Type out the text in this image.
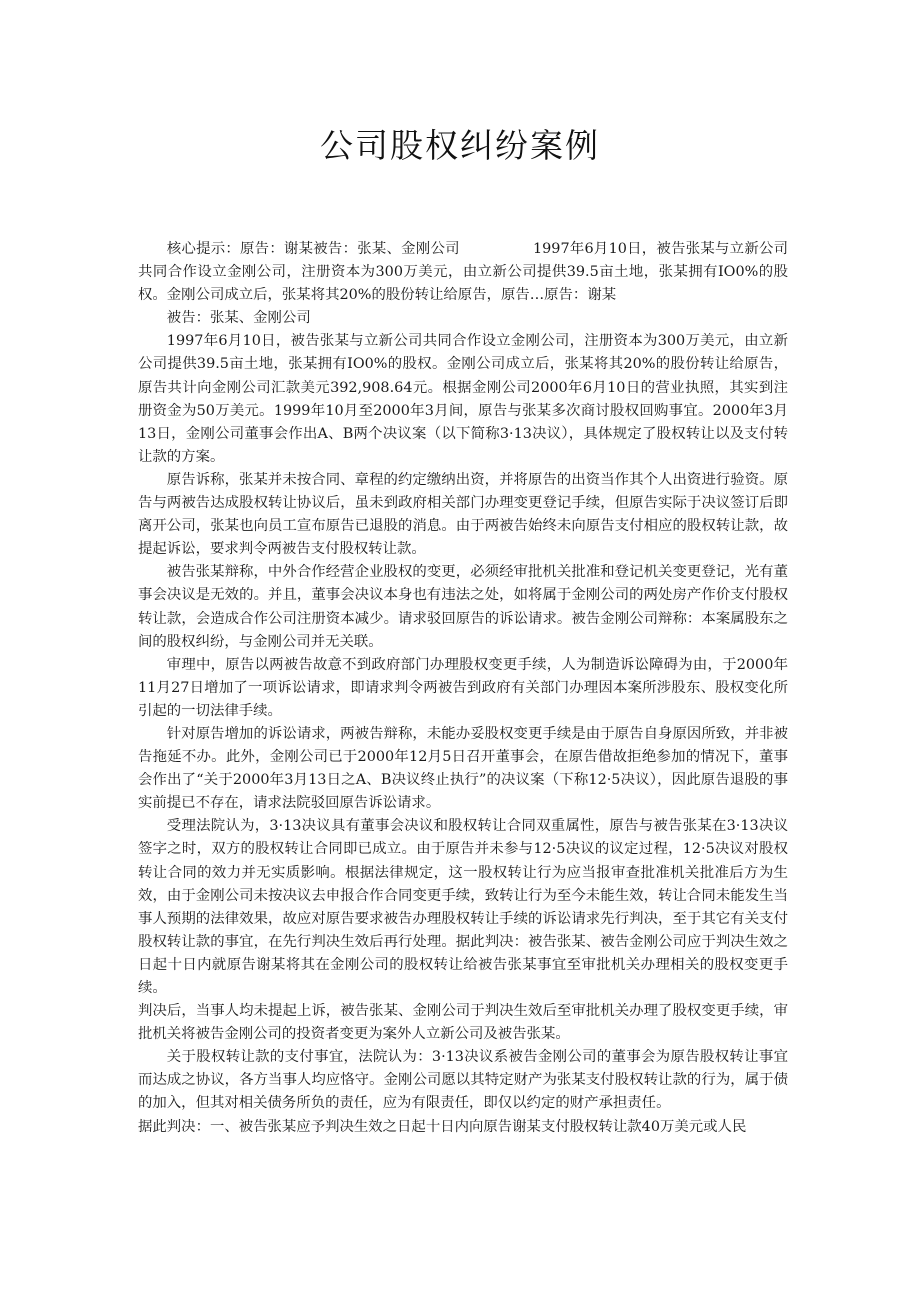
公司股权纠纷案例

核心提示：原告：谢某被告：张某、金刚公司　　　　　1997年6月10日，被告张某与立新公司共同合作设立金刚公司，注册资本为300万美元，由立新公司提供39.5亩土地，张某拥有IO0%的股权。金刚公司成立后，张某将其20%的股份转让给原告，原告…原告：谢某

被告：张某、金刚公司

1997年6月10日，被告张某与立新公司共同合作设立金刚公司，注册资本为300万美元，由立新公司提供39.5亩土地，张某拥有IO0%的股权。金刚公司成立后，张某将其20%的股份转让给原告，原告共计向金刚公司汇款美元392,908.64元。根据金刚公司2000年6月10日的营业执照，其实到注册资金为50万美元。1999年10月至2000年3月间，原告与张某多次商讨股权回购事宜。2000年3月13日，金刚公司董事会作出A、B两个决议案（以下简称3·13决议），具体规定了股权转让以及支付转让款的方案。

原告诉称，张某并未按合同、章程的约定缴纳出资，并将原告的出资当作其个人出资进行验资。原告与两被告达成股权转让协议后，虽未到政府相关部门办理变更登记手续，但原告实际于决议签订后即离开公司，张某也向员工宣布原告已退股的消息。由于两被告始终未向原告支付相应的股权转让款，故提起诉讼，要求判令两被告支付股权转让款。

被告张某辩称，中外合作经营企业股权的变更，必须经审批机关批准和登记机关变更登记，光有董事会决议是无效的。并且，董事会决议本身也有违法之处，如将属于金刚公司的两处房产作价支付股权转让款，会造成合作公司注册资本减少。请求驳回原告的诉讼请求。被告金刚公司辩称：本案属股东之间的股权纠纷，与金刚公司并无关联。

审理中，原告以两被告故意不到政府部门办理股权变更手续，人为制造诉讼障碍为由，于2000年11月27日增加了一项诉讼请求，即请求判令两被告到政府有关部门办理因本案所涉股东、股权变化所引起的一切法律手续。

针对原告增加的诉讼请求，两被告辩称，未能办妥股权变更手续是由于原告自身原因所致，并非被告拖延不办。此外，金刚公司已于2000年12月5日召开董事会，在原告借故拒绝参加的情况下，董事会作出了“关于2000年3月13日之A、B决议终止执行”的决议案（下称12·5决议），因此原告退股的事实前提已不存在，请求法院驳回原告诉讼请求。

受理法院认为，3·13决议具有董事会决议和股权转让合同双重属性，原告与被告张某在3·13决议签字之时，双方的股权转让合同即已成立。由于原告并未参与12·5决议的议定过程，12·5决议对股权转让合同的效力并无实质影响。根据法律规定，这一股权转让行为应当报审查批准机关批准后方为生效，由于金刚公司未按决议去申报合作合同变更手续，致转让行为至今未能生效，转让合同未能发生当事人预期的法律效果，故应对原告要求被告办理股权转让手续的诉讼请求先行判决，至于其它有关支付股权转让款的事宜，在先行判决生效后再行处理。据此判决：被告张某、被告金刚公司应于判决生效之日起十日内就原告谢某将其在金刚公司的股权转让给被告张某事宜至审批机关办理相关的股权变更手续。

判决后，当事人均未提起上诉，被告张某、金刚公司于判决生效后至审批机关办理了股权变更手续，审批机关将被告金刚公司的投资者变更为案外人立新公司及被告张某。

关于股权转让款的支付事宜，法院认为：3·13决议系被告金刚公司的董事会为原告股权转让事宜而达成之协议，各方当事人均应恪守。金刚公司愿以其特定财产为张某支付股权转让款的行为，属于债的加入，但其对相关债务所负的责任，应为有限责任，即仅以约定的财产承担责任。

据此判决：一、被告张某应予判决生效之日起十日内向原告谢某支付股权转让款40万美元或人民
